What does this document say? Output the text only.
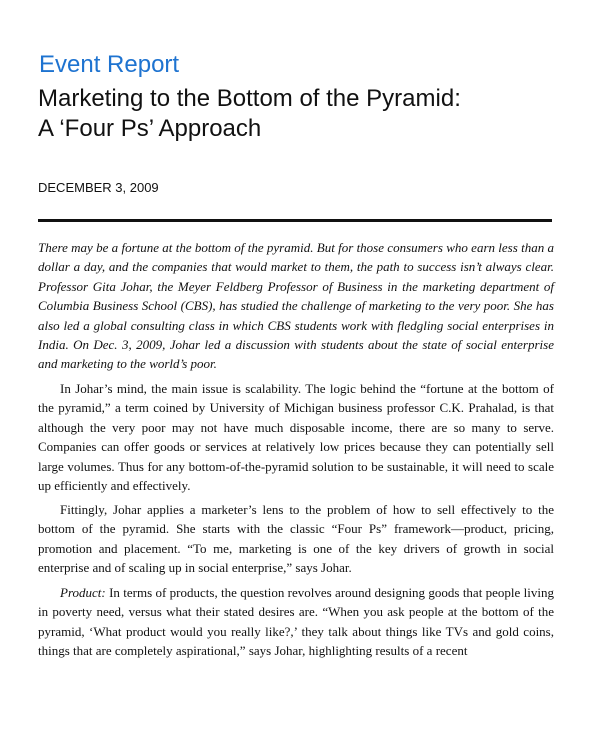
Event Report
Marketing to the Bottom of the Pyramid:
A ‘Four Ps’ Approach
DECEMBER 3, 2009

There may be a fortune at the bottom of the pyramid. But for those consumers who earn less than a dollar a day, and the companies that would market to them, the path to success isn’t always clear. Professor Gita Johar, the Meyer Feldberg Professor of Business in the marketing department of Columbia Business School (CBS), has studied the challenge of marketing to the very poor. She has also led a global consulting class in which CBS students work with fledgling social enterprises in India. On Dec. 3, 2009, Johar led a discussion with students about the state of social enterprise and marketing to the world’s poor.

In Johar’s mind, the main issue is scalability. The logic behind the “fortune at the bottom of the pyramid,” a term coined by University of Michigan business professor C.K. Prahalad, is that although the very poor may not have much disposable income, there are so many to serve. Companies can offer goods or services at relatively low prices because they can potentially sell large volumes. Thus for any bottom-of-the-pyramid solution to be sustainable, it will need to scale up efficiently and effectively.

Fittingly, Johar applies a marketer’s lens to the problem of how to sell effectively to the bottom of the pyramid. She starts with the classic “Four Ps” framework—product, pricing, promotion and placement. “To me, marketing is one of the key drivers of growth in social enterprise and of scaling up in social enterprise,” says Johar.

Product: In terms of products, the question revolves around designing goods that people living in poverty need, versus what their stated desires are. “When you ask people at the bottom of the pyramid, ‘What product would you really like?,’ they talk about things like TVs and gold coins, things that are completely aspirational,” says Johar, highlighting results of a recent
